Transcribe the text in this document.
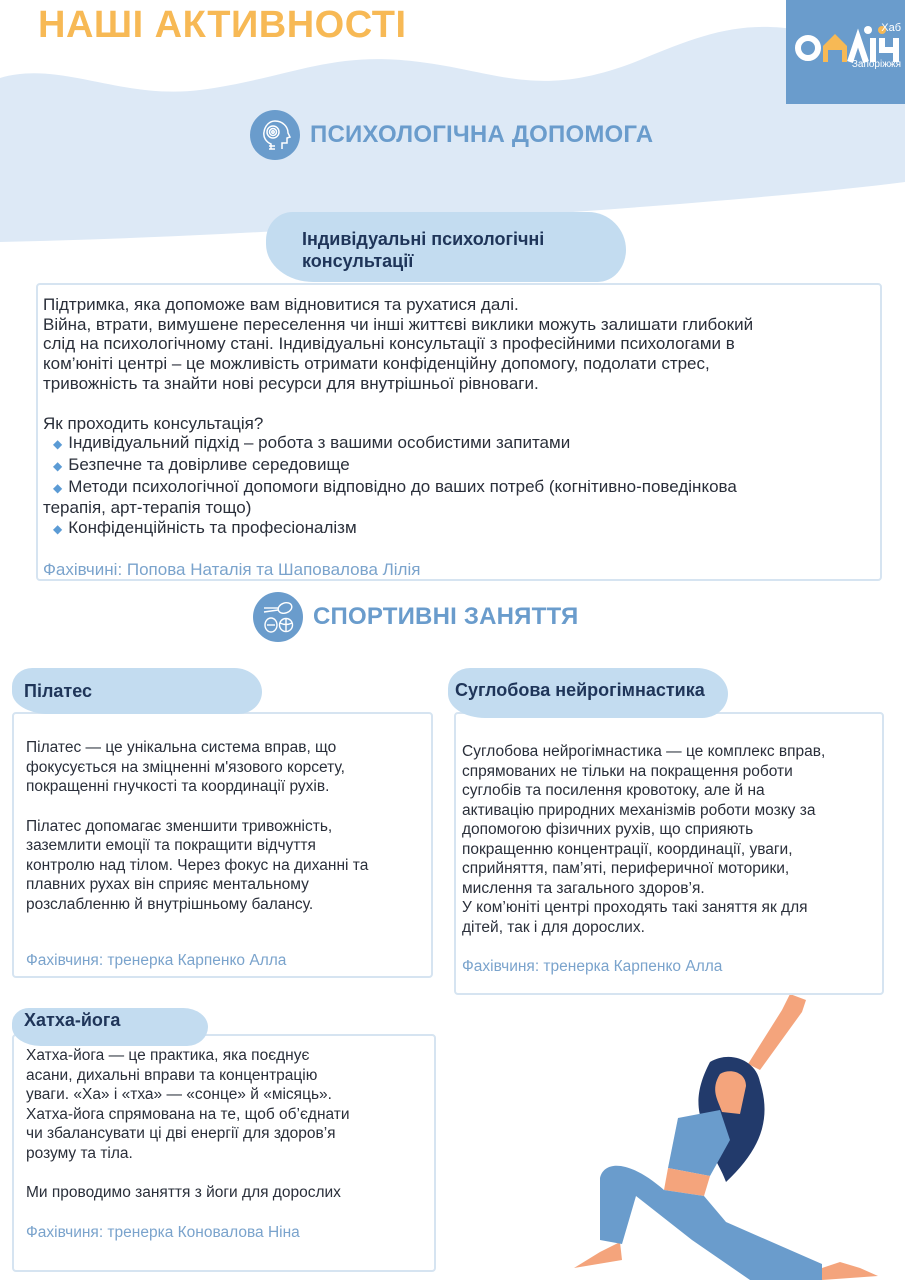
НАШІ АКТИВНОСТІ	Хаб
Запоріжжя
ПСИХОЛОГІЧНА ДОПОМОГА
Індивідуальні психологічні
консультації

Підтримка, яка допоможе вам відновитися та рухатися далі.

Війна, втрати, вимушене переселення чи інші життєві виклики можуть залишати глибокий

слід на психологічному стані. Індивідуальні консультації з професійними психологами в

ком’юніті центрі – це можливість отримати конфіденційну допомогу, подолати стрес,

тривожність та знайти нові ресурси для внутрішньої рівноваги.

Як проходить консультація?

◆ Індивідуальний підхід – робота з вашими особистими запитами
◆ Безпечне та довірливе середовище
◆ Методи психологічної допомоги відповідно до ваших потреб (когнітивно-поведінкова
терапія, арт-терапія тощо)
◆ Конфіденційність та професіоналізм

Фахівчині: Попова Наталія та Шаповалова Лілія

СПОРТИВНІ ЗАНЯТТЯ
Пілатес

Пілатес — це унікальна система вправ, що

фокусується на зміцненні м'язового корсету,

покращенні гнучкості та координації рухів.

Пілатес допомагає зменшити тривожність,

заземлити емоції та покращити відчуття

контролю над тілом. Через фокус на диханні та

плавних рухах він сприяє ментальному

розслабленню й внутрішньому балансу.

Фахівчиня: тренерка Карпенко Алла

Суглобова нейрогімнастика

Суглобова нейрогімнастика — це комплекс вправ,

спрямованих не тільки на покращення роботи

суглобів та посилення кровотоку, але й на

активацію природних механізмів роботи мозку за

допомогою фізичних рухів, що сприяють

покращенню концентрації, координації, уваги,

сприйняття, пам’яті, периферичної моторики,

мислення та загального здоров’я.

У ком’юніті центрі проходять такі заняття як для

дітей, так і для дорослих.

Фахівчиня: тренерка Карпенко Алла

Хатха-йога

Хатха-йога — це практика, яка поєднує

асани, дихальні вправи та концентрацію

уваги. «Ха» і «тха» — «сонце» й «місяць».

Хатха-йога спрямована на те, щоб об’єднати

чи збалансувати ці дві енергії для здоров’я

розуму та тіла.

Ми проводимо заняття з йоги для дорослих

Фахівчиня: тренерка Коновалова Ніна
